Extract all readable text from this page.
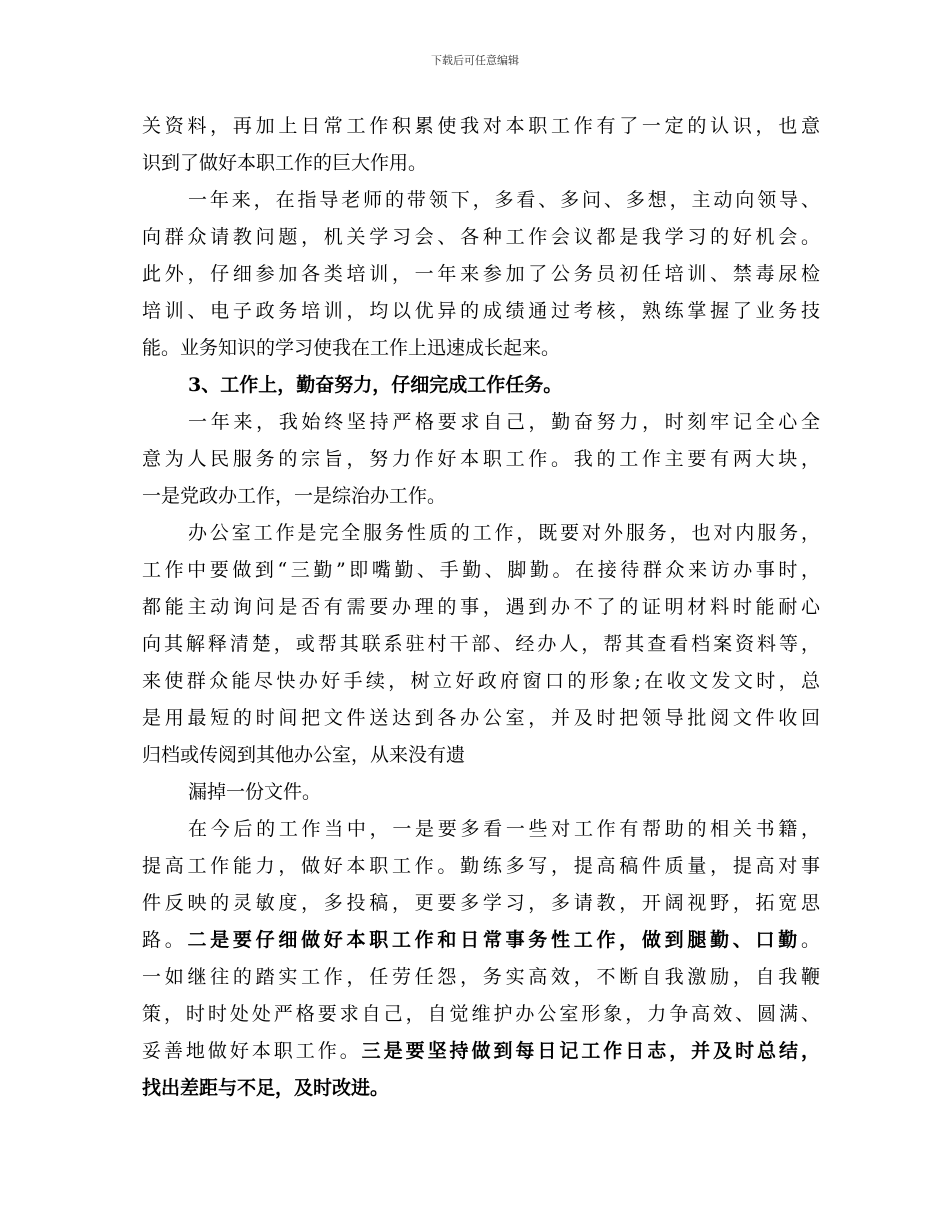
下载后可任意编辑
关资料，再加上日常工作积累使我对本职工作有了一定的认识，也意
识到了做好本职工作的巨大作用。
一年来，在指导老师的带领下，多看、多问、多想，主动向领导、
向群众请教问题，机关学习会、各种工作会议都是我学习的好机会。
此外，仔细参加各类培训，一年来参加了公务员初任培训、禁毒尿检
培训、电子政务培训，均以优异的成绩通过考核，熟练掌握了业务技
能。业务知识的学习使我在工作上迅速成长起来。
3、工作上，勤奋努力，仔细完成工作任务。
一年来，我始终坚持严格要求自己，勤奋努力，时刻牢记全心全
意为人民服务的宗旨，努力作好本职工作。我的工作主要有两大块，
一是党政办工作，一是综治办工作。
办公室工作是完全服务性质的工作，既要对外服务，也对内服务，
工作中要做到“三勤”即嘴勤、手勤、脚勤。在接待群众来访办事时，
都能主动询问是否有需要办理的事，遇到办不了的证明材料时能耐心
向其解释清楚，或帮其联系驻村干部、经办人，帮其查看档案资料等，
来使群众能尽快办好手续，树立好政府窗口的形象;在收文发文时，总
是用最短的时间把文件送达到各办公室，并及时把领导批阅文件收回
归档或传阅到其他办公室，从来没有遗
漏掉一份文件。
在今后的工作当中，一是要多看一些对工作有帮助的相关书籍，
提高工作能力，做好本职工作。勤练多写，提高稿件质量，提高对事
件反映的灵敏度，多投稿，更要多学习，多请教，开阔视野，拓宽思
路。二是要仔细做好本职工作和日常事务性工作，做到腿勤、口勤。
一如继往的踏实工作，任劳任怨，务实高效，不断自我激励，自我鞭
策，时时处处严格要求自己，自觉维护办公室形象，力争高效、圆满、
妥善地做好本职工作。三是要坚持做到每日记工作日志，并及时总结，
找出差距与不足，及时改进。
